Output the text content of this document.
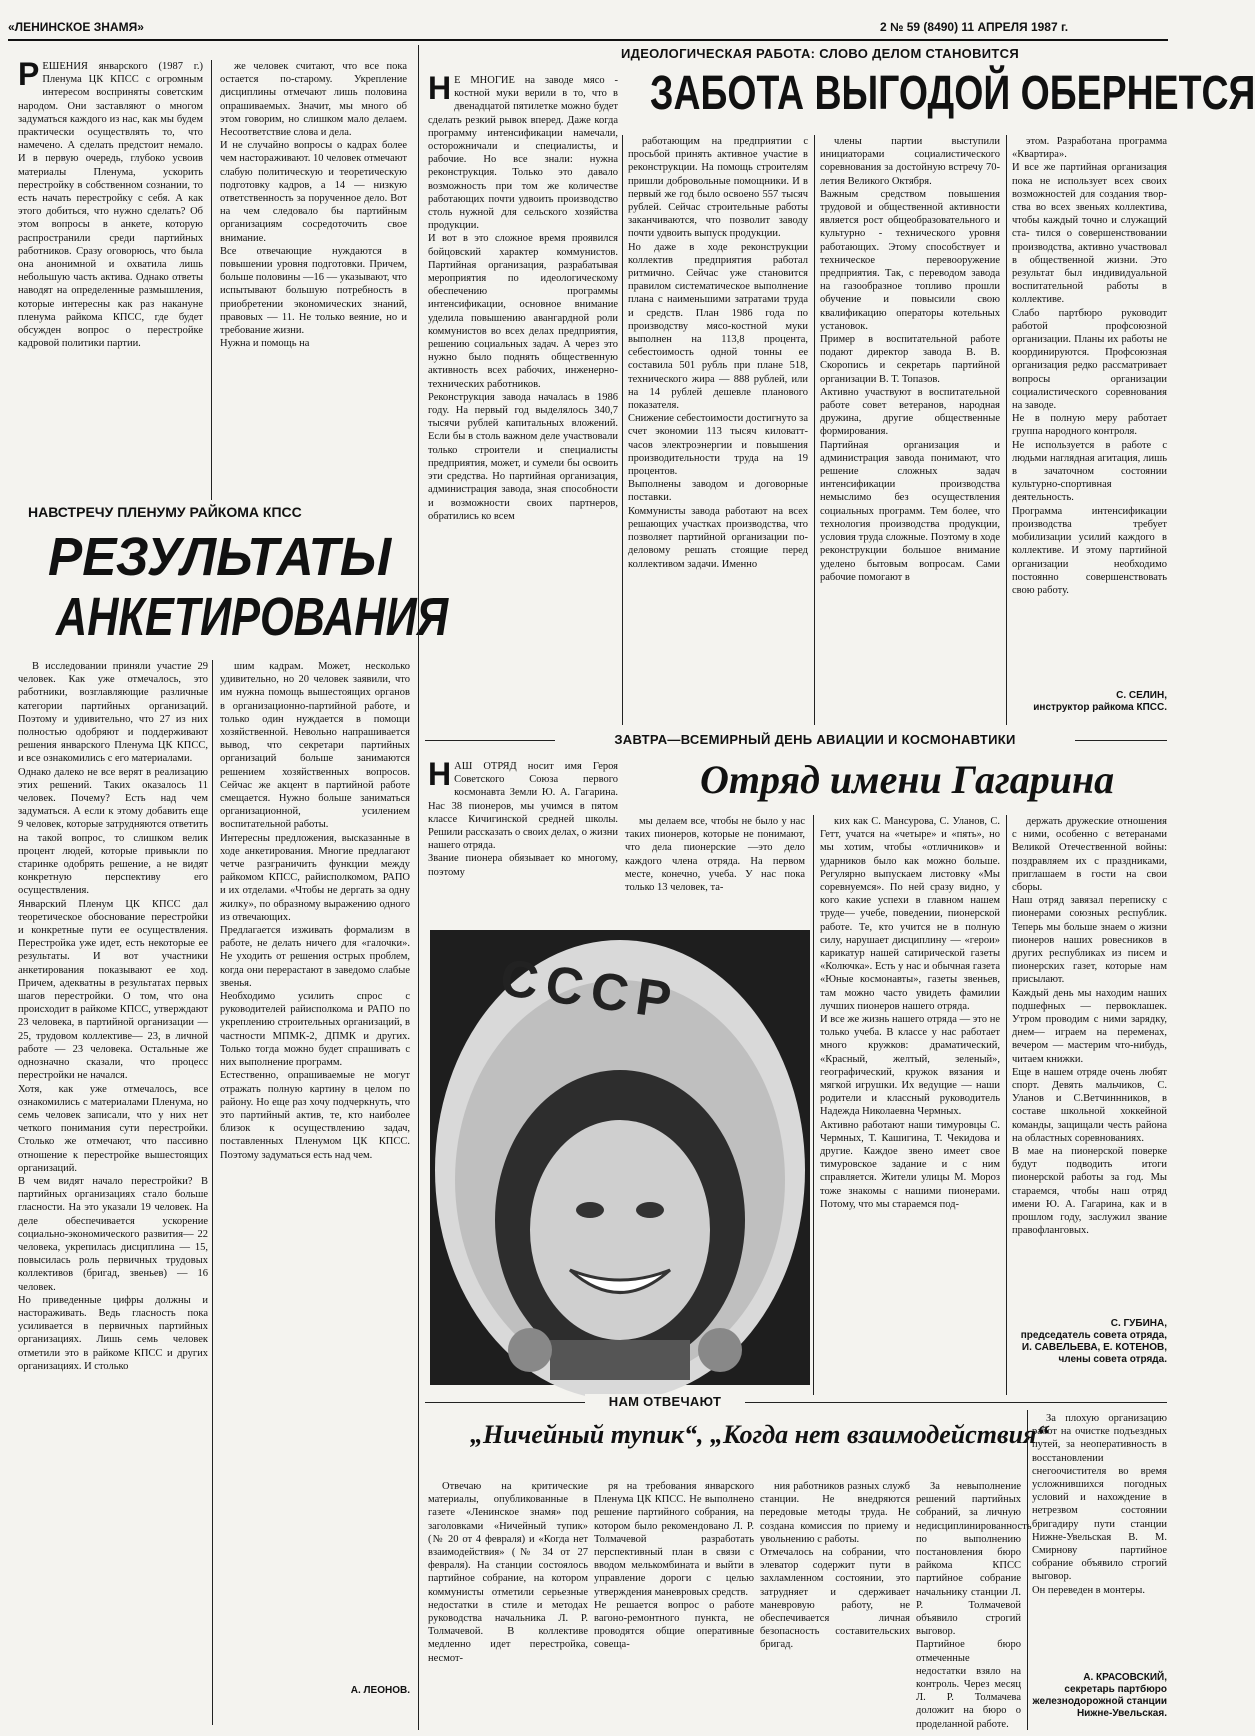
«ЛЕНИНСКОЕ ЗНАМЯ»	2 № 59 (8490) 11 АПРЕЛЯ 1987 г.
Р ЕШЕНИЯ январского (1987 г.) Пленума ЦК КПСС с огромным интересом восприняты советским народом. Они заставляют о многом задуматься каждого из нас, как мы будем практически осуществлять то, что намечено. А сделать предстоит немало. И в первую очередь, глубоко усвоив материалы Пленума, ускорить перестройку в собственном сознании, то есть начать перестройку с себя. А как этого добиться, что нужно сделать? Об этом вопросы в анкете, которую распространили среди партийных работников. Сразу оговорюсь, что была она анонимной и охватила лишь небольшую часть актива. Однако ответы наводят на определенные размышления, которые интересны как раз накануне пленума райкома КПСС, где будет обсужден вопрос о перестройке кадровой политики партии.

же человек считают, что все пока остается по-старому. Укрепление дисциплины отмечают лишь половина опрашиваемых. Значит, мы много об этом говорим, но слишком мало делаем. Несоответствие слова и дела.
И не случайно вопросы о кадрах более чем настораживают. 10 человек отмечают слабую политическую и теоретическую подготовку кадров, а 14 — низкую ответственность за порученное дело. Вот на чем следовало бы партийным организациям сосредоточить свое внимание.
Все отвечающие нуждаются в повышении уровня подготовки. Причем, больше половины —16 — указывают, что испытывают большую потребность в приобретении экономических знаний, правовых — 11. Не только веяние, но и требование жизни.
Нужна и помощь на

НАВСТРЕЧУ ПЛЕНУМУ РАЙКОМА КПСС
РЕЗУЛЬТАТЫ
АНКЕТИРОВАНИЯ

В исследовании приняли участие 29 человек. Как уже отмечалось, это работники, возглавляющие различные категории партийных организаций. Поэтому и удивительно, что 27 из них полностью одобряют и поддерживают решения январского Пленума ЦК КПСС, и все ознакомились с его материалами.
Однако далеко не все верят в реализацию этих решений. Таких оказалось 11 человек. Почему? Есть над чем задуматься. А если к этому добавить еще 9 человек, которые затрудняются ответить на такой вопрос, то слишком велик процент людей, которые привыкли по старинке одобрять решение, а не видят конкретную перспективу его осуществления.
Январский Пленум ЦК КПСС дал теоретическое обоснование перестройки и конкретные пути ее осуществления. Перестройка уже идет, есть некоторые ее результаты. И вот участники анкетирования показывают ее ход. Причем, адекватны в результатах первых шагов перестройки. О том, что она происходит в райкоме КПСС, утверждают 23 человека, в партийной организации — 25, трудовом коллективе— 23, в личной работе — 23 человека. Остальные же однозначно сказали, что процесс перестройки не начался.
Хотя, как уже отмечалось, все ознакомились с материалами Пленума, но семь человек записали, что у них нет четкого понимания сути перестройки. Столько же отмечают, что пассивно отношение к перестройке вышестоящих организаций.
В чем видят начало перестройки? В партийных организациях стало больше гласности. На это указали 19 человек. На деле обеспечивается ускорение социально-экономического развития— 22 человека, укрепилась дисциплина — 15, повысилась роль первичных трудовых коллективов (бригад, звеньев) — 16 человек.
Но приведенные цифры должны и настораживать. Ведь гласность пока усиливается в первичных партийных организациях. Лишь семь человек отметили это в райкоме КПСС и других организациях. И столько

шим кадрам. Может, несколько удивительно, но 20 человек заявили, что им нужна помощь вышестоящих органов в организационно-партийной работе, и только один нуждается в помощи хозяйственной. Невольно напрашивается вывод, что секретари партийных организаций больше занимаются решением хозяйственных вопросов. Сейчас же акцент в партийной работе смещается. Нужно больше заниматься организационной, усилением воспитательной работы.
Интересны предложения, высказанные в ходе анкетирования. Многие предлагают четче разграничить функции между райкомом КПСС, райисполкомом, РАПО и их отделами. «Чтобы не дергать за одну жилку», по образному выражению одного из отвечающих.
Предлагается изживать формализм в работе, не делать ничего для «галочки». Не уходить от решения острых проблем, когда они перерастают в заведомо слабые звенья.
Необходимо усилить спрос с руководителей райисполкома и РАПО по укреплению строительных организаций, в частности МПМК-2, ДПМК и других. Только тогда можно будет спрашивать с них выполнение программ.
Естественно, опрашиваемые не могут отражать полную картину в целом по району. Но еще раз хочу подчеркнуть, что это партийный актив, те, кто наиболее близок к осуществлению задач, поставленных Пленумом ЦК КПСС. Поэтому задуматься есть над чем.

А. ЛЕОНОВ.
ИДЕОЛОГИЧЕСКАЯ РАБОТА: СЛОВО ДЕЛОМ СТАНОВИТСЯ
ЗАБОТА ВЫГОДОЙ ОБЕРНЕТСЯ
Н Е МНОГИЕ на заводе мясо - костной муки верили в то, что в двенадцатой пятилетке можно будет сделать резкий рывок вперед. Даже когда программу интенсификации намечали, осторожничали и специалисты, и рабочие. Но все знали: нужна реконструкция. Только это давало возможность при том же количестве работающих почти удвоить производство столь нужной для сельского хозяйства продукции.
И вот в это сложное время проявился бойцовский характер коммунистов. Партийная организация, разрабатывая мероприятия по идеологическому обеспечению программы интенсификации, основное внимание уделила повышению авангардной роли коммунистов во всех делах предприятия, решению социальных задач. А через это нужно было поднять общественную активность всех рабочих, инженерно-технических работников.
Реконструкция завода началась в 1986 году. На первый год выделялось 340,7 тысячи рублей капитальных вложений. Если бы в столь важном деле участвовали только строители и специалисты предприятия, может, и сумели бы освоить эти средства. Но партийная организация, администрация завода, зная способности и возможности своих партнеров, обратились ко всем

работающим на предприятии с просьбой принять активное участие в реконструкции. На помощь строителям пришли добровольные помощники. И в первый же год было освоено 557 тысяч рублей. Сейчас строительные работы заканчиваются, что позволит заводу почти удвоить выпуск продукции.
Но даже в ходе реконструкции коллектив предприятия работал ритмично. Сейчас уже становится правилом систематическое выполнение плана с наименьшими затратами труда и средств. План 1986 года по производству мясо-костной муки выполнен на 113,8 процента, себестоимость одной тонны ее составила 501 рубль при плане 518, технического жира — 888 рублей, или на 14 рублей дешевле планового показателя.
Снижение себестоимости достигнуто за счет экономии 113 тысяч киловатт-часов электроэнергии и повышения производительности труда на 19 процентов.
Выполнены заводом и договорные поставки.
Коммунисты завода работают на всех решающих участках производства, что позволяет партийной организации по-деловому решать стоящие перед коллективом задачи. Именно

члены партии выступили инициаторами социалистического соревнования за достойную встречу 70-летия Великого Октября.
Важным средством повышения трудовой и общественной активности является рост общеобразовательного и культурно - технического уровня работающих. Этому способствует и техническое перевооружение предприятия. Так, с переводом завода на газообразное топливо прошли обучение и повысили свою квалификацию операторы котельных установок.
Пример в воспитательной работе подают директор завода В. В. Скоропись и секретарь партийной организации В. Т. Топазов.
Активно участвуют в воспитательной работе совет ветеранов, народная дружина, другие общественные формирования.
Партийная организация и администрация завода понимают, что решение сложных задач интенсификации производства немыслимо без осуществления социальных программ. Тем более, что технология производства продукции, условия труда сложные. Поэтому в ходе реконструкции большое внимание уделено бытовым вопросам. Сами рабочие помогают в

этом. Разработана программа «Квартира».
И все же партийная организация пока не использует всех своих возможностей для создания твор- ства во всех звеньях коллектива, чтобы каждый точно и служащий ста- тился о совершенствовании производства, активно участвовал в общественной жизни. Это результат был индивидуальной воспитательной работы в коллективе.
Слабо партбюро руководит работой профсоюзной организации. Планы их работы не координируются. Профсоюзная организация редко рассматривает вопросы организации социалистического соревнования на заводе.
Не в полную меру работает группа народного контроля.
Не используется в работе с людьми наглядная агитация, лишь в зачаточном состоянии культурно-спортивная деятельность.
Программа интенсификации производства требует мобилизации усилий каждого в коллективе. И этому партийной организации необходимо постоянно совершенствовать свою работу.

С. СЕЛИН,
инструктор райкома КПСС.
ЗАВТРА—ВСЕМИРНЫЙ ДЕНЬ АВИАЦИИ И КОСМОНАВТИКИ
Отряд имени Гагарина
Н АШ ОТРЯД носит имя Героя Советского Союза первого космонавта Земли Ю. А. Гагарина. Нас 38 пионеров, мы учимся в пятом классе Кичигинской средней школы. Решили рассказать о своих делах, о жизни нашего отряда.
Звание пионера обязывает ко многому, поэтому

мы делаем все, чтобы не было у нас таких пионеров, которые не понимают, что дела пионерские —это дело каждого члена отряда. На первом месте, конечно, учеба. У нас пока только 13 человек, та-

СССР

ких как С. Мансурова, С. Уланов, С. Гетт, учатся на «четыре» и «пять», но мы хотим, чтобы «отличников» и ударников было как можно больше. Регулярно выпускаем листовку «Мы соревнуемся». По ней сразу видно, у кого какие успехи в главном нашем труде— учебе, поведении, пионерской работе. Те, кто учится не в полную силу, нарушает дисциплину — «герои» карикатур нашей сатирической газеты «Колючка». Есть у нас и обычная газета «Юные космонавты», газеты звеньев, там можно часто увидеть фамилии лучших пионеров нашего отряда.
И все же жизнь нашего отряда — это не только учеба. В классе у нас работает много кружков: драматический, «Красный, желтый, зеленый», географический, кружок вязания и мягкой игрушки. Их ведущие — наши родители и классный руководитель Надежда Николаевна Чермных.
Активно работают наши тимуровцы С. Чермных, Т. Кашигина, Т. Чекидова и другие. Каждое звено имеет свое тимуровское задание и с ним справляется. Жители улицы М. Мороз тоже знакомы с нашими пионерами. Потому, что мы стараемся под-

держать дружеские отношения с ними, особенно с ветеранами Великой Отечественной войны: поздравляем их с праздниками, приглашаем в гости на свои сборы.
Наш отряд завязал переписку с пионерами союзных республик. Теперь мы больше знаем о жизни пионеров наших ровесников в других республиках из писем и пионерских газет, которые нам присылают.
Каждый день мы находим наших подшефных — первоклашек. Утром проводим с ними зарядку, днем— играем на переменах, вечером — мастерим что-нибудь, читаем книжки.
Еще в нашем отряде очень любят спорт. Девять мальчиков, С. Уланов и С.Ветчиннников, в составе школьной хоккейной команды, защищали честь района на областных соревнованиях.
В мае на пионерской поверке будут подводить итоги пионерской работы за год. Мы стараемся, чтобы наш отряд имени Ю. А. Гагарина, как и в прошлом году, заслужил звание правофланговых.

С. ГУБИНА,
председатель совета отряда, И. САВЕЛЬЕВА, Е. КОТЕНОВ, члены совета отряда.
НАМ ОТВЕЧАЮТ
„Ничейный тупик“, „Когда нет взаимодействия“

Отвечаю на критические материалы, опубликованные в газете «Ленинское знамя» под заголовками «Ничейный тупик» (№ 20 от 4 февраля) и «Когда нет взаимодействия» (№ 34 от 27 февраля). На станции состоялось партийное собрание, на котором коммунисты отметили серьезные недостатки в стиле и методах руководства начальника Л. Р. Толмачевой. В коллективе медленно идет перестройка, несмот-

ря на требования январского Пленума ЦК КПСС. Не выполнено решение партийного собрания, на котором было рекомендовано Л. Р. Толмачевой разработать перспективный план в связи с вводом мелькомбината и выйти в управление дороги с целью утверждения маневровых средств.
Не решается вопрос о работе вагоно-ремонтного пункта, не проводятся общие оперативные совеща-

ния работников разных служб станции. Не внедряются передовые методы труда. Не создана комиссия по приему и увольнению с работы.
Отмечалось на собрании, что элеватор содержит пути в захламленном состоянии, это затрудняет и сдерживает маневровую работу, не обеспечивается личная безопасность составительских бригад.

За невыполнение решений партийных собраний, за личную недисциплинированность по выполнению постановления бюро райкома КПСС партийное собрание начальнику станции Л. Р. Толмачевой объявило строгий выговор.
Партийное бюро отмеченные недостатки взяло на контроль. Через месяц Л. Р. Толмачева доложит на бюро о проделанной работе.

За плохую организацию работ на очистке подъездных путей, за неоперативность в восстановлении снегоочистителя во время усложнившихся погодных условий и нахождение в нетрезвом состоянии бригадиру пути станции Нижне-Увельская В. М. Смирнову партийное собрание объявило строгий выговор.
Он переведен в монтеры.

А. КРАСОВСКИЙ,
секретарь партбюро железнодорожной станции Нижне-Увельская.
